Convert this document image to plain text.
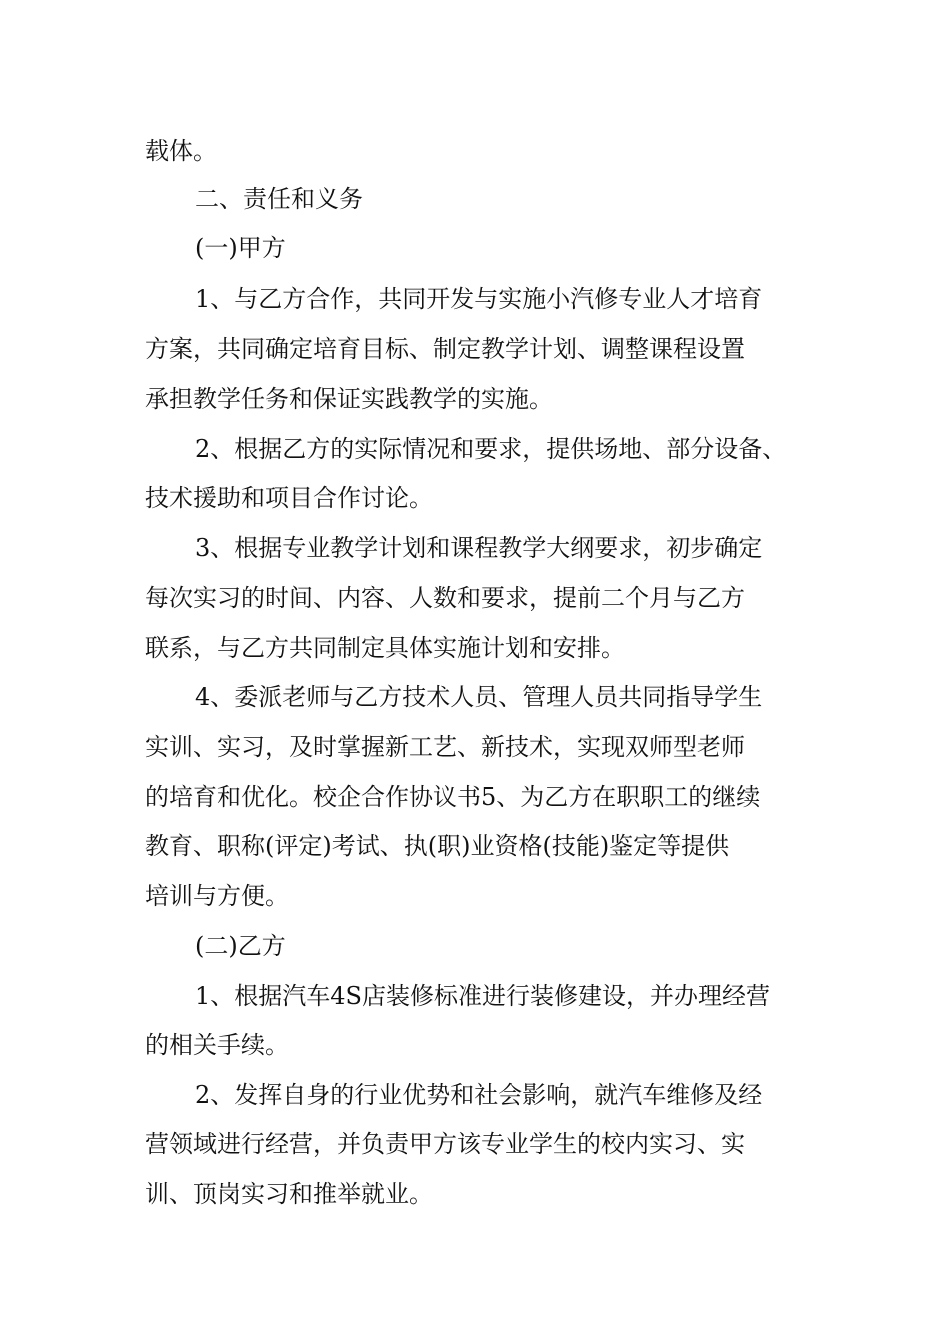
载体。
二、责任和义务
(一)甲方
1、与乙方合作，共同开发与实施小汽修专业人才培育
方案，共同确定培育目标、制定教学计划、调整课程设置
承担教学任务和保证实践教学的实施。
2、根据乙方的实际情况和要求，提供场地、部分设备、
技术援助和项目合作讨论。
3、根据专业教学计划和课程教学大纲要求，初步确定
每次实习的时间、内容、人数和要求，提前二个月与乙方
联系，与乙方共同制定具体实施计划和安排。
4、委派老师与乙方技术人员、管理人员共同指导学生
实训、实习，及时掌握新工艺、新技术，实现双师型老师
的培育和优化。校企合作协议书5、为乙方在职职工的继续
教育、职称(评定)考试、执(职)业资格(技能)鉴定等提供
培训与方便。
(二)乙方
1、根据汽车4S店装修标准进行装修建设，并办理经营
的相关手续。
2、发挥自身的行业优势和社会影响，就汽车维修及经
营领域进行经营，并负责甲方该专业学生的校内实习、实
训、顶岗实习和推举就业。
